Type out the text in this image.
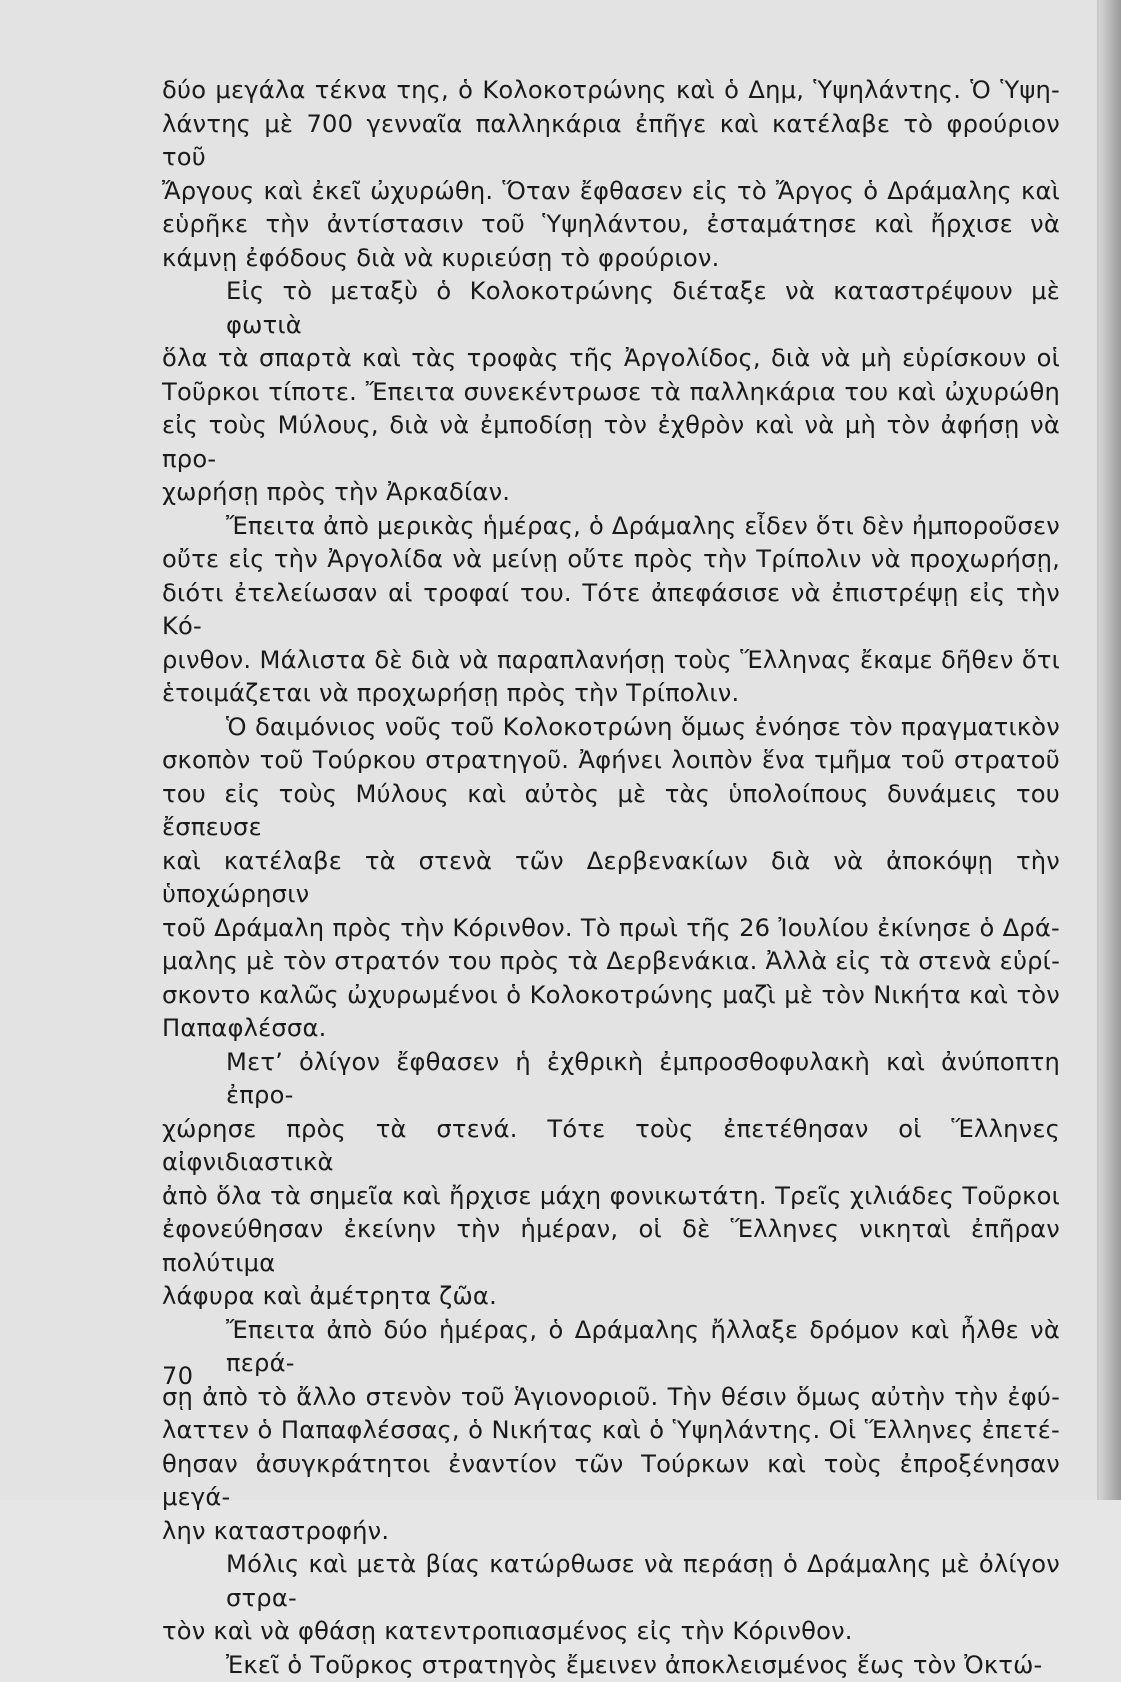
δύο μεγάλα τέκνα της, ὁ Κολοκοτρώνης καὶ ὁ Δημ, Ὑψηλάντης. Ὁ Ὑψη-
λάντης μὲ 700 γενναῖα παλληκάρια ἐπῆγε καὶ κατέλαβε τὸ φρούριον τοῦ
Ἄργους καὶ ἐκεῖ ὠχυρώθη. Ὅταν ἔφθασεν εἰς τὸ Ἄργος ὁ Δράμαλης καὶ
εὑρῆκε τὴν ἀντίστασιν τοῦ Ὑψηλάντου, ἐσταμάτησε καὶ ἤρχισε νὰ
κάμνῃ ἐφόδους διὰ νὰ κυριεύσῃ τὸ φρούριον.

Εἰς τὸ μεταξὺ ὁ Κολοκοτρώνης διέταξε νὰ καταστρέψουν μὲ φωτιὰ
ὅλα τὰ σπαρτὰ καὶ τὰς τροφὰς τῆς Ἀργολίδος, διὰ νὰ μὴ εὑρίσκουν οἱ
Τοῦρκοι τίποτε. Ἔπειτα συνεκέντρωσε τὰ παλληκάρια του καὶ ὠχυρώθη
εἰς τοὺς Μύλους, διὰ νὰ ἐμποδίσῃ τὸν ἐχθρὸν καὶ νὰ μὴ τὸν ἀφήσῃ νὰ προ-
χωρήσῃ πρὸς τὴν Ἀρκαδίαν.

Ἔπειτα ἀπὸ μερικὰς ἡμέρας, ὁ Δράμαλης εἶδεν ὅτι δὲν ἠμποροῦσεν
οὔτε εἰς τὴν Ἀργολίδα νὰ μείνῃ οὔτε πρὸς τὴν Τρίπολιν νὰ προχωρήσῃ,
διότι ἐτελείωσαν αἱ τροφαί του. Τότε ἀπεφάσισε νὰ ἐπιστρέψῃ εἰς τὴν Κό-
ρινθον. Μάλιστα δὲ διὰ νὰ παραπλανήσῃ τοὺς Ἕλληνας ἔκαμε δῆθεν ὅτι
ἑτοιμάζεται νὰ προχωρήσῃ πρὸς τὴν Τρίπολιν.

Ὁ δαιμόνιος νοῦς τοῦ Κολοκοτρώνη ὅμως ἐνόησε τὸν πραγματικὸν
σκοπὸν τοῦ Τούρκου στρατηγοῦ. Ἀφήνει λοιπὸν ἕνα τμῆμα τοῦ στρατοῦ
του εἰς τοὺς Μύλους καὶ αὐτὸς μὲ τὰς ὑπολοίπους δυνάμεις του ἔσπευσε
καὶ κατέλαβε τὰ στενὰ τῶν Δερβενακίων διὰ νὰ ἀποκόψῃ τὴν ὑποχώρησιν
τοῦ Δράμαλη πρὸς τὴν Κόρινθον. Τὸ πρωὶ τῆς 26 Ἰουλίου ἐκίνησε ὁ Δρά-
μαλης μὲ τὸν στρατόν του πρὸς τὰ Δερβενάκια. Ἀλλὰ εἰς τὰ στενὰ εὑρί-
σκοντο καλῶς ὠχυρωμένοι ὁ Κολοκοτρώνης μαζὶ μὲ τὸν Νικήτα καὶ τὸν
Παπαφλέσσα.

Μετ’ ὀλίγον ἔφθασεν ἡ ἐχθρικὴ ἐμπροσθοφυλακὴ καὶ ἀνύποπτη ἐπρο-
χώρησε πρὸς τὰ στενά. Τότε τοὺς ἐπετέθησαν οἱ Ἕλληνες αἰφνιδιαστικὰ
ἀπὸ ὅλα τὰ σημεῖα καὶ ἤρχισε μάχη φονικωτάτη. Τρεῖς χιλιάδες Τοῦρκοι
ἐφονεύθησαν ἐκείνην τὴν ἡμέραν, οἱ δὲ Ἕλληνες νικηταὶ ἐπῆραν πολύτιμα
λάφυρα καὶ ἀμέτρητα ζῶα.

Ἔπειτα ἀπὸ δύο ἡμέρας, ὁ Δράμαλης ἤλλαξε δρόμον καὶ ἦλθε νὰ περά-
σῃ ἀπὸ τὸ ἄλλο στενὸν τοῦ Ἁγιονοριοῦ. Τὴν θέσιν ὅμως αὐτὴν τὴν ἐφύ-
λαττεν ὁ Παπαφλέσσας, ὁ Νικήτας καὶ ὁ Ὑψηλάντης. Οἱ Ἕλληνες ἐπετέ-
θησαν ἀσυγκράτητοι ἐναντίον τῶν Τούρκων καὶ τοὺς ἐπροξένησαν μεγά-
λην καταστροφήν.

Μόλις καὶ μετὰ βίας κατώρθωσε νὰ περάσῃ ὁ Δράμαλης μὲ ὀλίγον στρα-
τὸν καὶ νὰ φθάσῃ κατεντροπιασμένος εἰς τὴν Κόρινθον.

Ἐκεῖ ὁ Τοῦρκος στρατηγὸς ἔμεινεν ἀποκλεισμένος ἕως τὸν Ὀκτώ-

70
